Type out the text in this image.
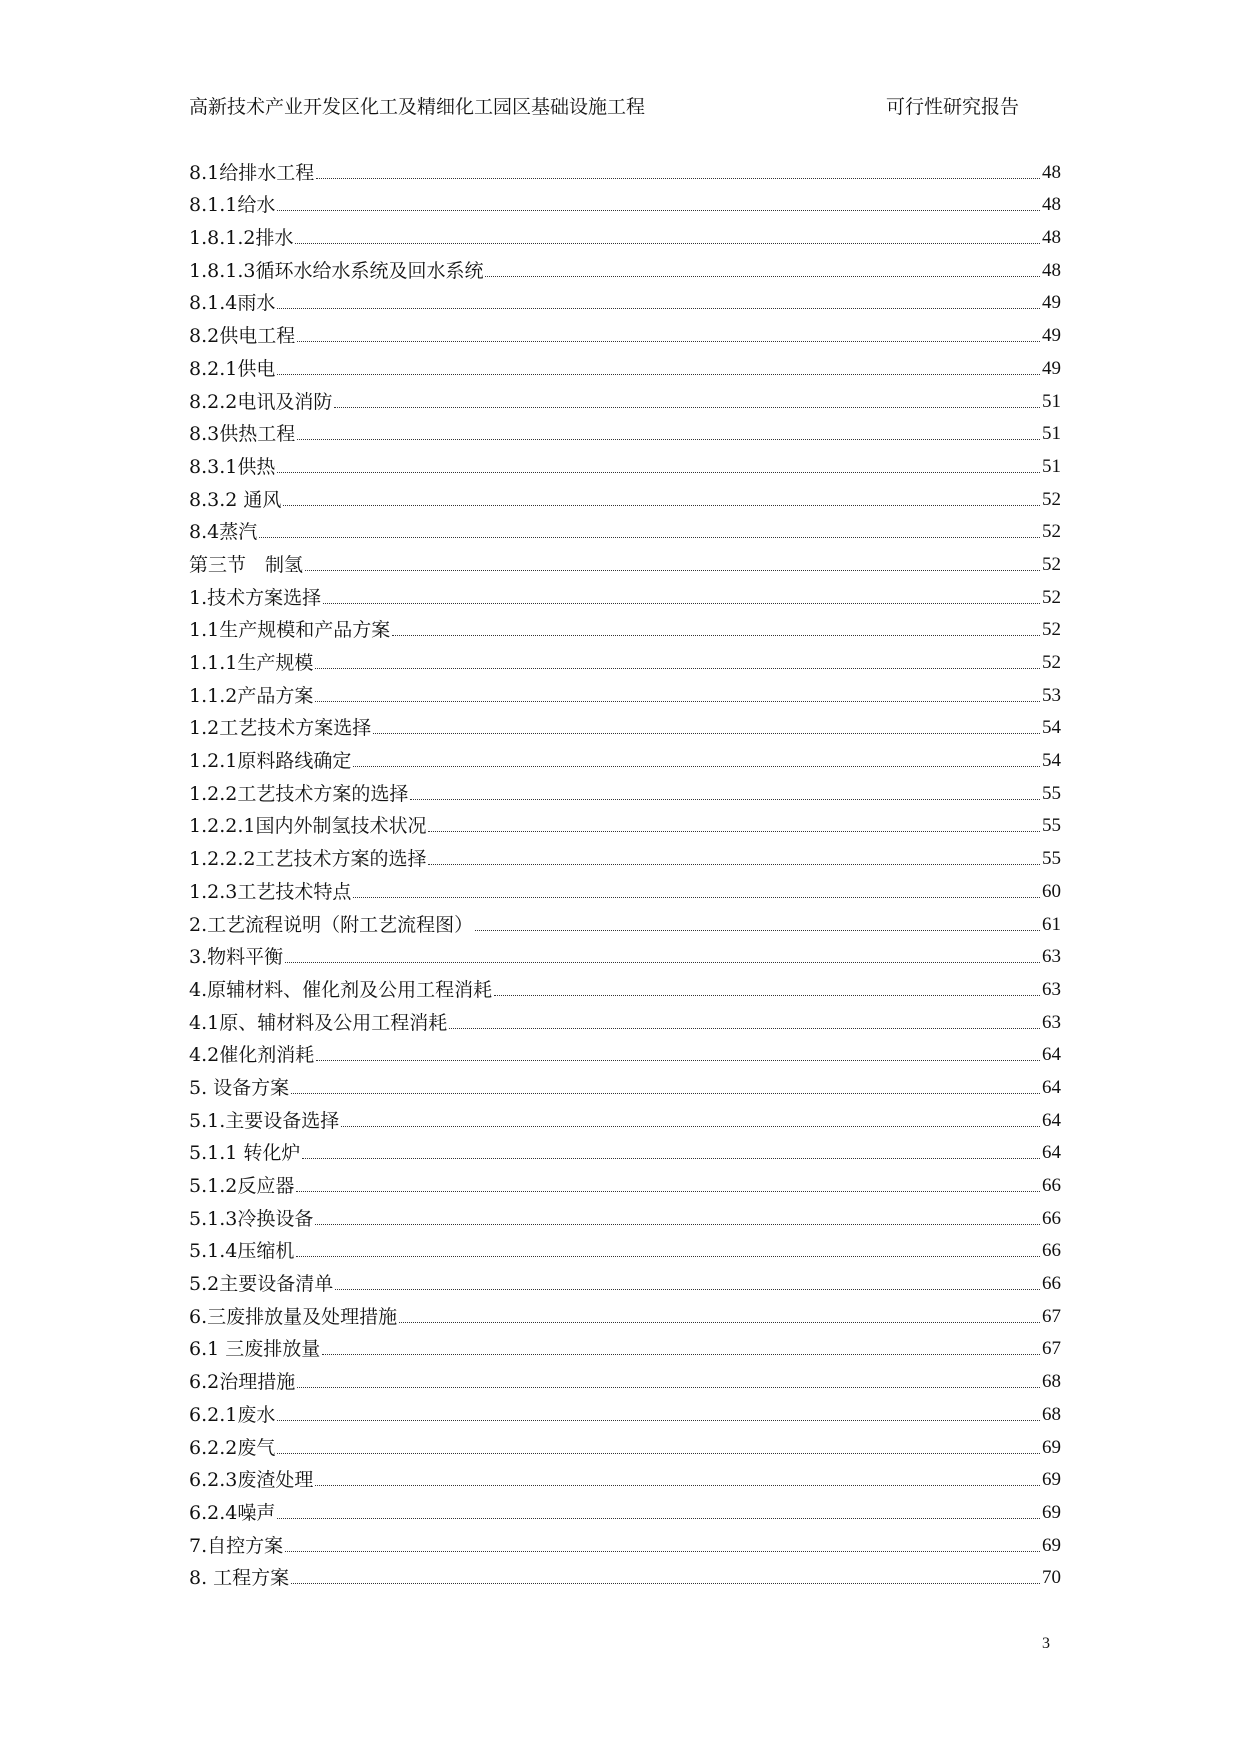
高新技术产业开发区化工及精细化工园区基础设施工程	可行性研究报告
8.1给排水工程	48
8.1.1给水	48
1.8.1.2排水	48
1.8.1.3循环水给水系统及回水系统	48
8.1.4雨水	49
8.2供电工程	49
8.2.1供电	49
8.2.2电讯及消防	51
8.3供热工程	51
8.3.1供热	51
8.3.2 通风	52
8.4蒸汽	52
第三节　制氢	52
1.技术方案选择	52
1.1生产规模和产品方案	52
1.1.1生产规模	52
1.1.2产品方案	53
1.2工艺技术方案选择	54
1.2.1原料路线确定	54
1.2.2工艺技术方案的选择	55
1.2.2.1国内外制氢技术状况	55
1.2.2.2工艺技术方案的选择	55
1.2.3工艺技术特点	60
2.工艺流程说明（附工艺流程图）	61
3.物料平衡	63
4.原辅材料、催化剂及公用工程消耗	63
4.1原、辅材料及公用工程消耗	63
4.2催化剂消耗	64
5. 设备方案	64
5.1.主要设备选择	64
5.1.1 转化炉	64
5.1.2反应器	66
5.1.3冷换设备	66
5.1.4压缩机	66
5.2主要设备清单	66
6.三废排放量及处理措施	67
6.1 三废排放量	67
6.2治理措施	68
6.2.1废水	68
6.2.2废气	69
6.2.3废渣处理	69
6.2.4噪声	69
7.自控方案	69
8. 工程方案	70
3
